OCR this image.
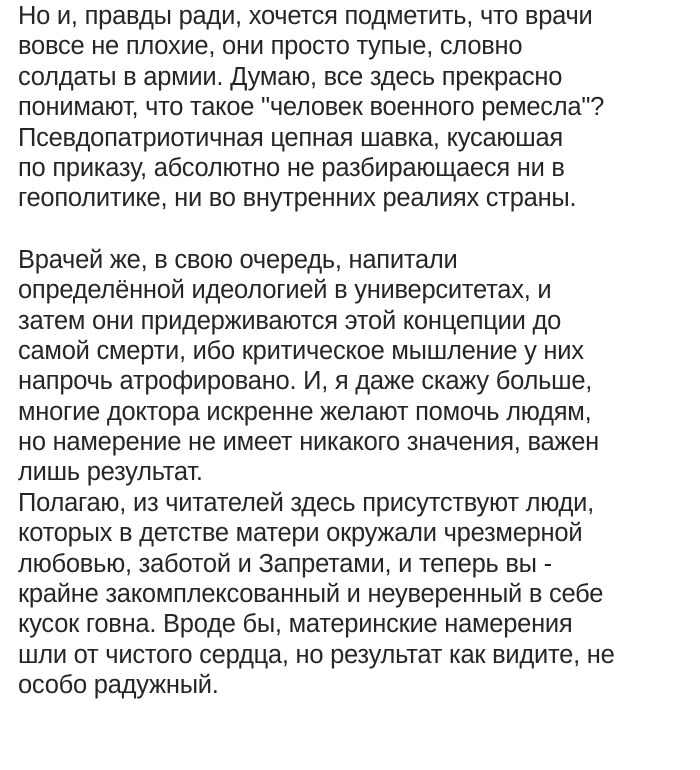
Но и, правды ради, хочется подметить, что врачи
вовсе не плохие, они просто тупые, словно
солдаты в армии. Думаю, все здесь прекрасно
понимают, что такое "человек военного ремесла"?
Псевдопатриотичная цепная шавка, кусаюшая
по приказу, абсолютно не разбирающаеся ни в
геополитике, ни во внутренних реалиях страны.
Врачей же, в свою очередь, напитали
определённой идеологией в университетах, и
затем они придерживаются этой концепции до
самой смерти, ибо критическое мышление у них
напрочь атрофировано. И, я даже скажу больше,
многие доктора искренне желают помочь людям,
но намерение не имеет никакого значения, важен
лишь результат.
Полагаю, из читателей здесь присутствуют люди,
которых в детстве матери окружали чрезмерной
любовью, заботой и Запретами, и теперь вы -
крайне закомплексованный и неуверенный в себе
кусок говна. Вроде бы, материнские намерения
шли от чистого сердца, но результат как видите, не
особо радужный.
